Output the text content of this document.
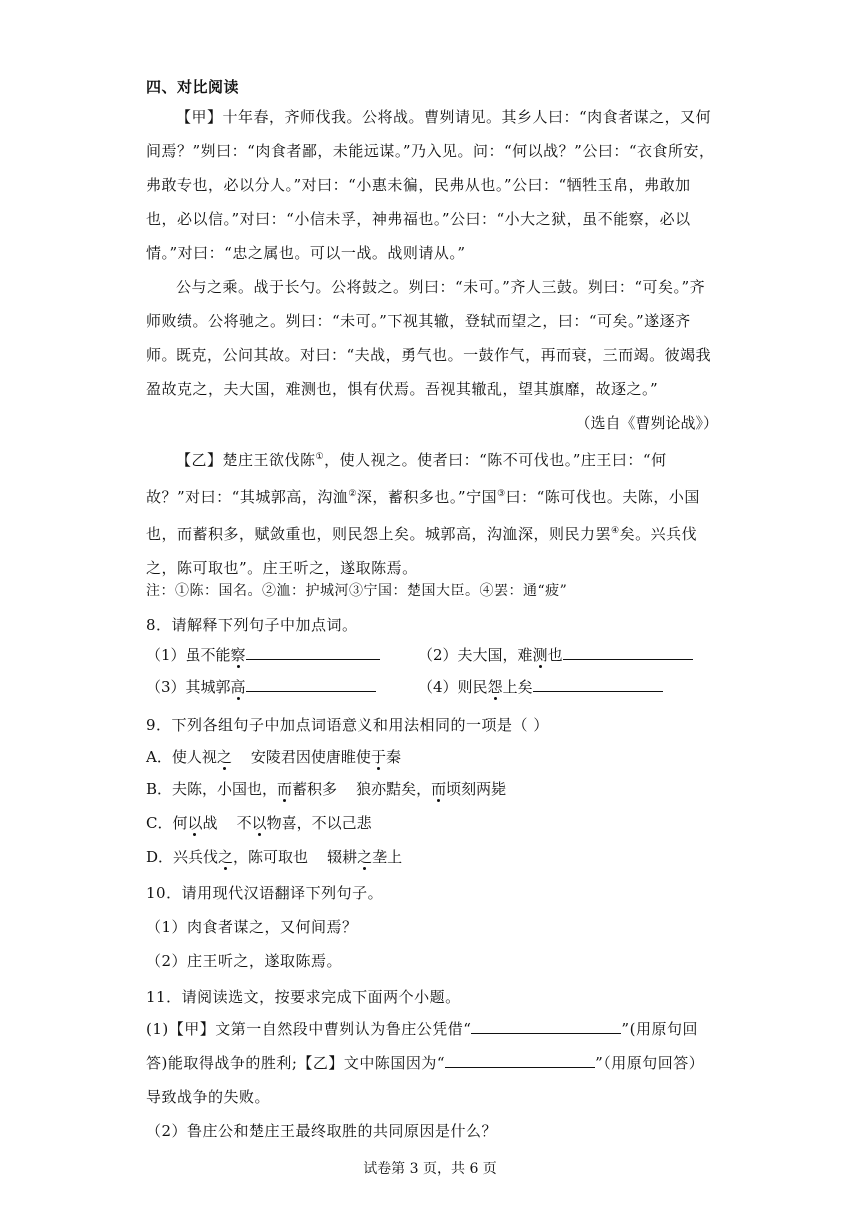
四、对比阅读
【甲】十年春，齐师伐我。公将战。曹刿请见。其乡人曰：“肉食者谋之，又何间焉？”刿曰：“肉食者鄙，未能远谋。”乃入见。问：“何以战？”公曰：“衣食所安，弗敢专也，必以分人。”对曰：“小惠未徧，民弗从也。”公曰：“牺牲玉帛，弗敢加也，必以信。”对曰：“小信未孚，神弗福也。”公曰：“小大之狱，虽不能察，必以情。”对曰：“忠之属也。可以一战。战则请从。”
公与之乘。战于长勺。公将鼓之。刿曰：“未可。”齐人三鼓。刿曰：“可矣。”齐师败绩。公将驰之。刿曰：“未可。”下视其辙，登轼而望之，曰：“可矣。”遂逐齐师。
既克，公问其故。对曰：“夫战，勇气也。一鼓作气，再而衰，三而竭。彼竭我盈故克之，夫大国，难测也，惧有伏焉。吾视其辙乱，望其旗靡，故逐之。”
（选自《曹刿论战》）
【乙】楚庄王欲伐陈①，使人视之。使者曰：“陈不可伐也。”庄王曰：“何故？”对曰：“其城郭高，沟洫②深，蓄积多也。”宁国③曰：“陈可伐也。夫陈，小国也，而蓄积多，赋敛重也，则民怨上矣。城郭高，沟洫深，则民力罢④矣。兴兵伐之，陈可取也”。庄王听之，遂取陈焉。
注：①陈：国名。②洫：护城河③宁国：楚国大臣。④罢：通“疲”
8．请解释下列句子中加点词。
（1）虽不能察	（2）夫大国，难测也
（3）其城郭高	（4）则民怨上矣
9．下列各组句子中加点词语意义和用法相同的一项是（ ）
A．使人视之    安陵君因使唐睢使于秦
B．夫陈，小国也，而蓄积多    狼亦黠矣，而顷刻两毙
C．何以战    不以物喜，不以己悲
D．兴兵伐之，陈可取也    辍耕之垄上
10．请用现代汉语翻译下列句子。
（1）肉食者谋之，又何间焉？
（2）庄王听之，遂取陈焉。
11．请阅读选文，按要求完成下面两个小题。
(1)【甲】文第一自然段中曹刿认为鲁庄公凭借“	”(用原句回答)能取得战争的胜利;【乙】文中陈国因为“	”（用原句回答）导致战争的失败。
（2）鲁庄公和楚庄王最终取胜的共同原因是什么？
试卷第 3 页，共 6 页
